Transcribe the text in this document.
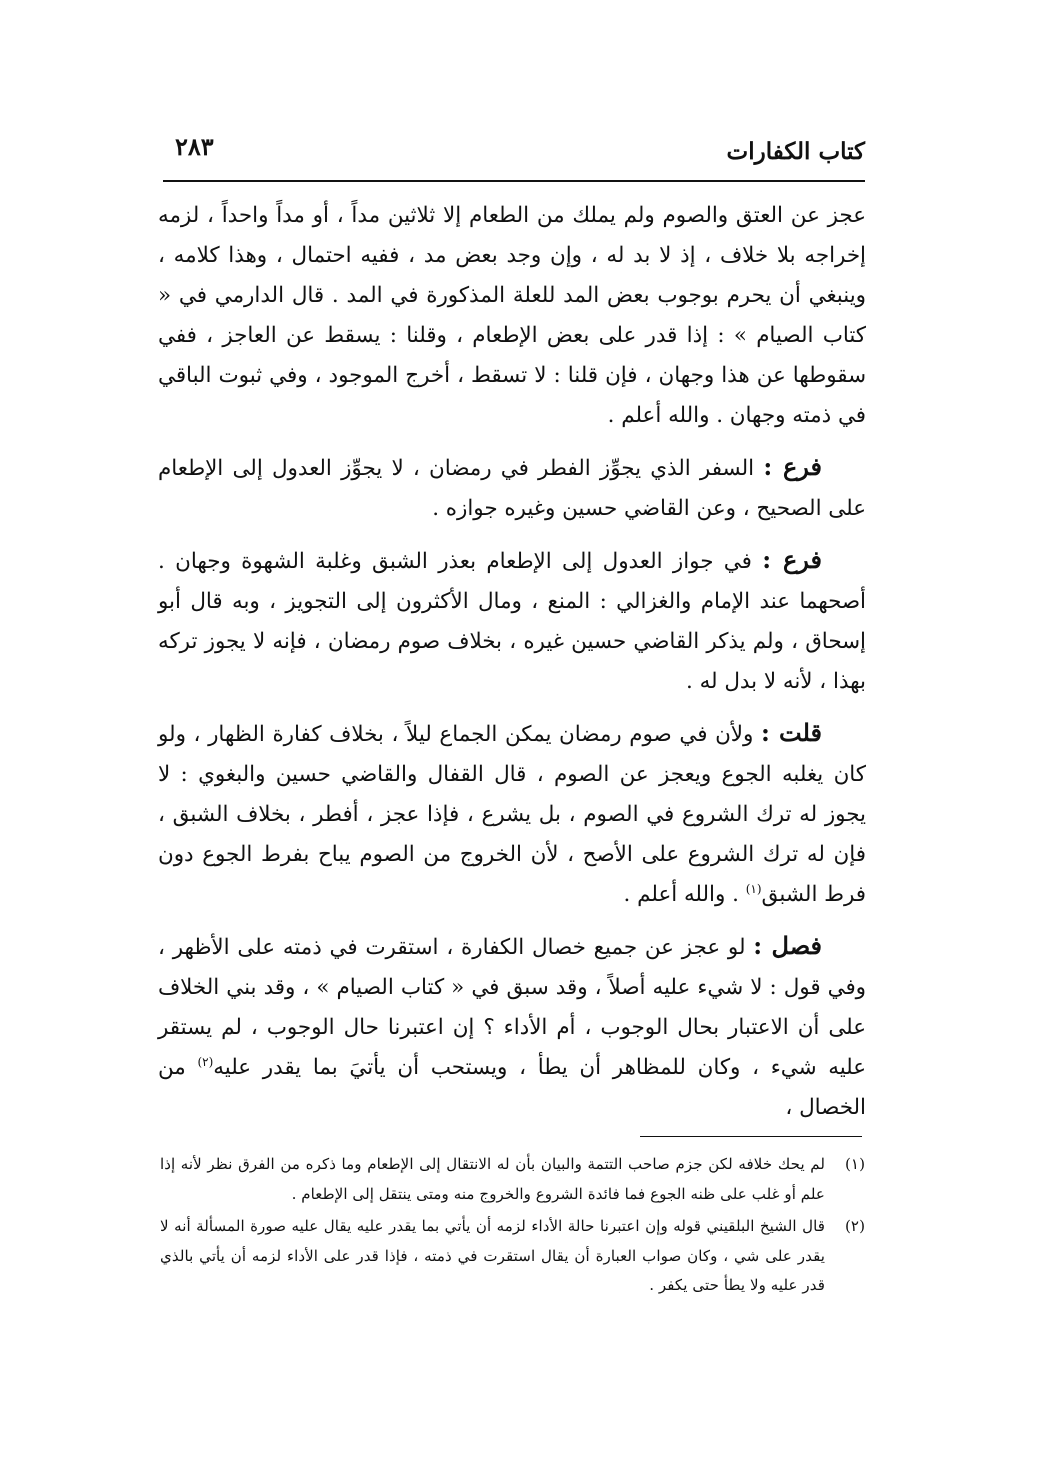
كتاب الكفارات
٢٨٣

عجز عن العتق والصوم ولم يملك من الطعام إلا ثلاثين مداً ، أو مداً واحداً ، لزمه إخراجه بلا خلاف ، إذ لا بد له ، وإن وجد بعض مد ، ففيه احتمال ، وهذا كلامه ، وينبغي أن يحرم بوجوب بعض المد للعلة المذكورة في المد . قال الدارمي في « كتاب الصيام » : إذا قدر على بعض الإطعام ، وقلنا : يسقط عن العاجز ، ففي سقوطها عن هذا وجهان ، فإن قلنا : لا تسقط ، أخرج الموجود ، وفي ثبوت الباقي في ذمته وجهان . والله أعلم .

فرع : السفر الذي يجوِّز الفطر في رمضان ، لا يجوِّز العدول إلى الإطعام على الصحيح ، وعن القاضي حسين وغيره جوازه .

فرع : في جواز العدول إلى الإطعام بعذر الشبق وغلبة الشهوة وجهان . أصحهما عند الإمام والغزالي : المنع ، ومال الأكثرون إلى التجويز ، وبه قال أبو إسحاق ، ولم يذكر القاضي حسين غيره ، بخلاف صوم رمضان ، فإنه لا يجوز تركه بهذا ، لأنه لا بدل له .

قلت : ولأن في صوم رمضان يمكن الجماع ليلاً ، بخلاف كفارة الظهار ، ولو كان يغلبه الجوع ويعجز عن الصوم ، قال القفال والقاضي حسين والبغوي : لا يجوز له ترك الشروع في الصوم ، بل يشرع ، فإذا عجز ، أفطر ، بخلاف الشبق ، فإن له ترك الشروع على الأصح ، لأن الخروج من الصوم يباح بفرط الجوع دون فرط الشبق$^{(١)}$ . والله أعلم .

فصل : لو عجز عن جميع خصال الكفارة ، استقرت في ذمته على الأظهر ، وفي قول : لا شيء عليه أصلاً ، وقد سبق في « كتاب الصيام » ، وقد بني الخلاف على أن الاعتبار بحال الوجوب ، أم الأداء ؟ إن اعتبرنا حال الوجوب ، لم يستقر عليه شيء ، وكان للمظاهر أن يطأ ، ويستحب أن يأتيَ بما يقدر عليه$^{(٢)}$ من الخصال ،

(١)
لم يحك خلافه لكن جزم صاحب التتمة والبيان بأن له الانتقال إلى الإطعام وما ذكره من الفرق نظر لأنه إذا علم أو غلب على ظنه الجوع فما فائدة الشروع والخروج منه ومتى ينتقل إلى الإطعام .

(٢)
قال الشيخ البلقيني قوله وإن اعتبرنا حالة الأداء لزمه أن يأتي بما يقدر عليه يقال عليه صورة المسألة أنه لا يقدر على شي ، وكان صواب العبارة أن يقال استقرت في ذمته ، فإذا قدر على الأداء لزمه أن يأتي بالذي قدر عليه ولا يطأ حتى يكفر .
